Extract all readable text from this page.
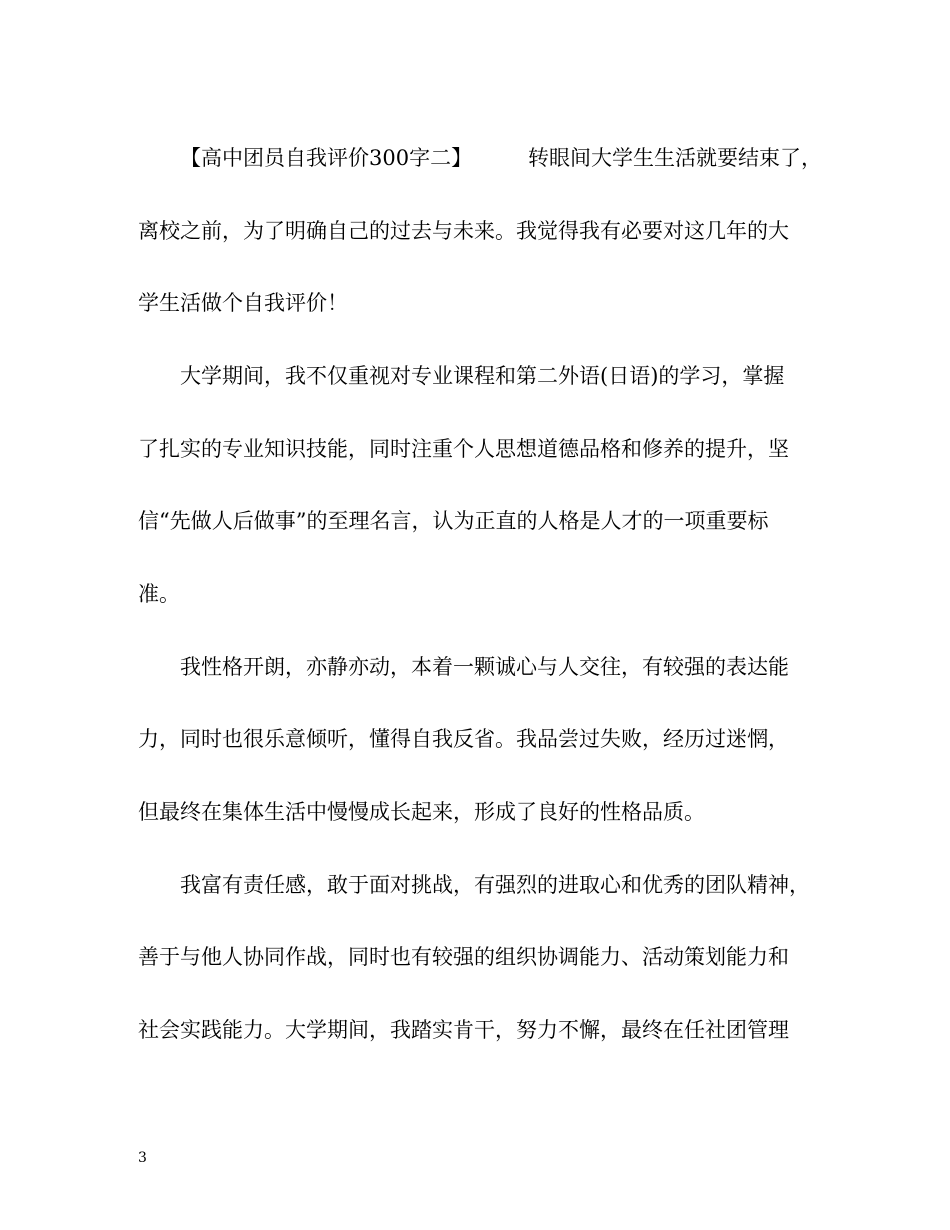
【高中团员自我评价300字二】	转眼间大学生生活就要结束了，
离校之前，为了明确自己的过去与未来。我觉得我有必要对这几年的大
学生活做个自我评价！
大学期间，我不仅重视对专业课程和第二外语(日语)的学习，掌握
了扎实的专业知识技能，同时注重个人思想道德品格和修养的提升，坚
信“先做人后做事”的至理名言，认为正直的人格是人才的一项重要标
准。
我性格开朗，亦静亦动，本着一颗诚心与人交往，有较强的表达能
力，同时也很乐意倾听，懂得自我反省。我品尝过失败，经历过迷惘，
但最终在集体生活中慢慢成长起来，形成了良好的性格品质。
我富有责任感，敢于面对挑战，有强烈的进取心和优秀的团队精神，
善于与他人协同作战，同时也有较强的组织协调能力、活动策划能力和
社会实践能力。大学期间，我踏实肯干，努力不懈，最终在任社团管理
3
